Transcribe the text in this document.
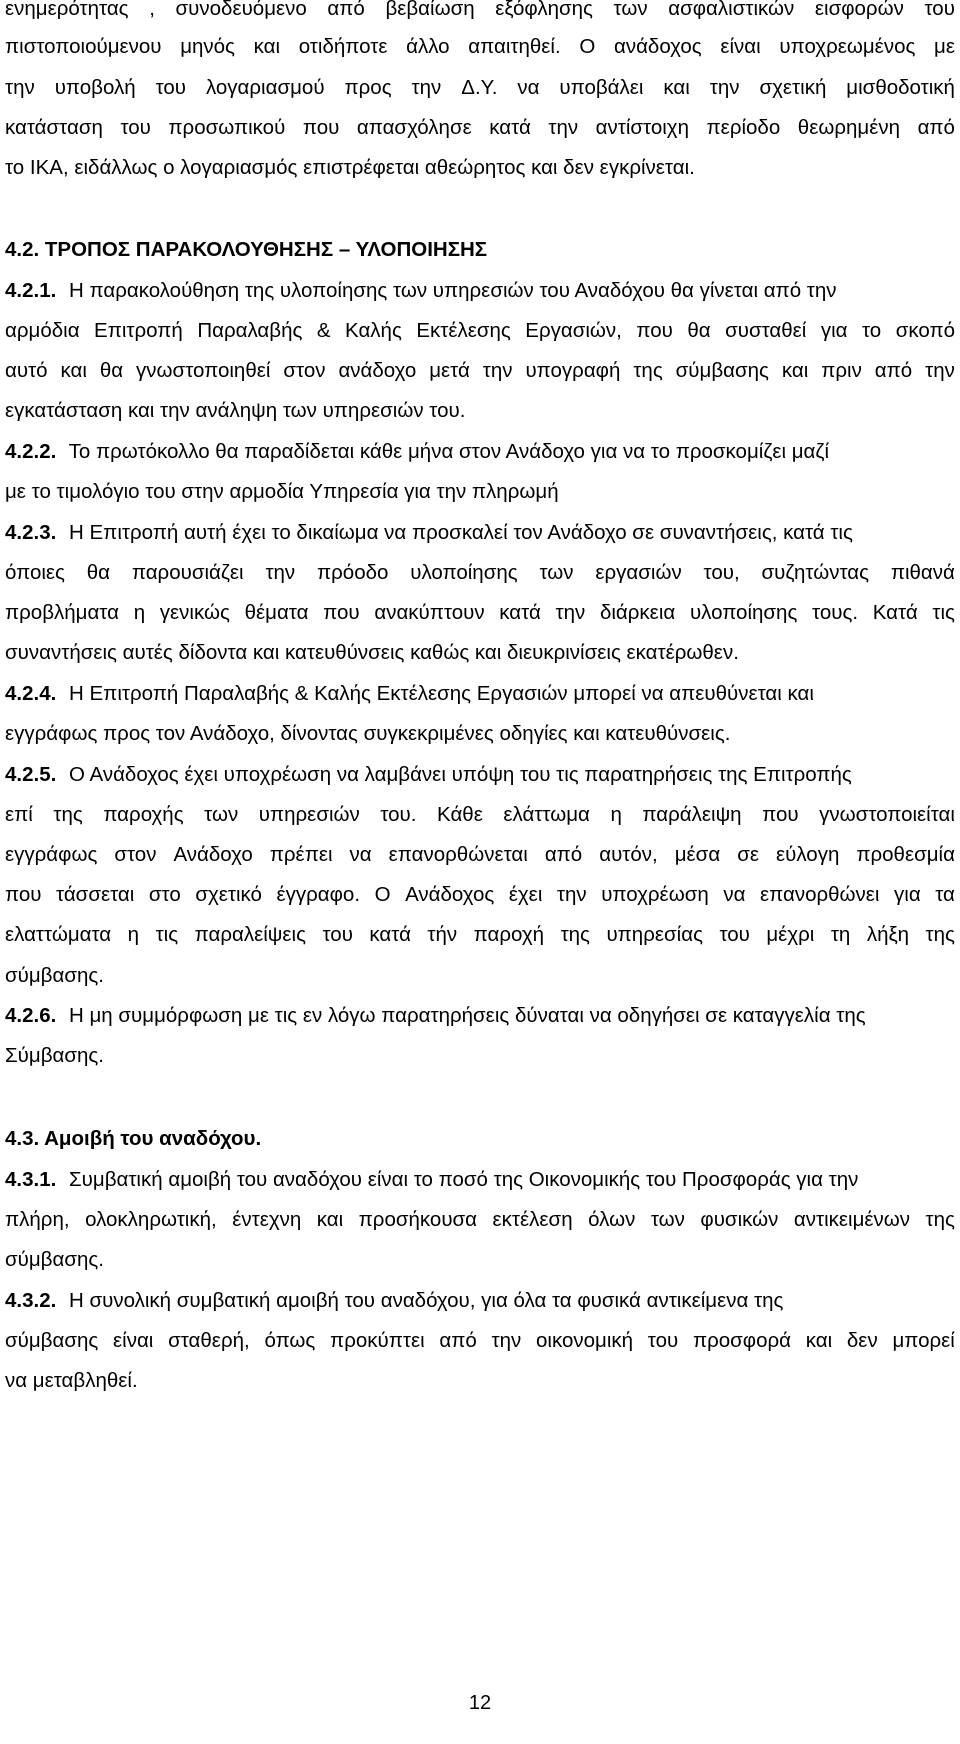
ενημερότητας , συνοδευόμενο από βεβαίωση εξόφλησης των ασφαλιστικών εισφορών του
πιστοποιούμενου μηνός και οτιδήποτε άλλο απαιτηθεί. Ο ανάδοχος είναι υποχρεωμένος με
την υποβολή του λογαριασμού προς την Δ.Υ. να υποβάλει και την σχετική μισθοδοτική
κατάσταση του προσωπικού που απασχόλησε κατά την αντίστοιχη περίοδο θεωρημένη από
το ΙΚΑ, ειδάλλως ο λογαριασμός επιστρέφεται αθεώρητος και δεν εγκρίνεται.
4.2. ΤΡΟΠΟΣ ΠΑΡΑΚΟΛΟΥΘΗΣΗΣ – ΥΛΟΠΟΙΗΣΗΣ
4.2.1. Η παρακολούθηση της υλοποίησης των υπηρεσιών του Αναδόχου θα γίνεται από την
αρμόδια Επιτροπή Παραλαβής & Καλής Εκτέλεσης Εργασιών, που θα συσταθεί για το σκοπό
αυτό και θα γνωστοποιηθεί στον ανάδοχο μετά την υπογραφή της σύμβασης και πριν από την
εγκατάσταση και την ανάληψη των υπηρεσιών του.
4.2.2. Το πρωτόκολλο θα παραδίδεται κάθε μήνα στον Ανάδοχο για να το προσκομίζει μαζί
με το τιμολόγιο του στην αρμοδία Υπηρεσία για την πληρωμή
4.2.3. Η Επιτροπή αυτή έχει το δικαίωμα να προσκαλεί τον Ανάδοχο σε συναντήσεις, κατά τις
όποιες θα παρουσιάζει την πρόοδο υλοποίησης των εργασιών του, συζητώντας πιθανά
προβλήματα η γενικώς θέματα που ανακύπτουν κατά την διάρκεια υλοποίησης τους. Κατά τις
συναντήσεις αυτές δίδοντα και κατευθύνσεις καθώς και διευκρινίσεις εκατέρωθεν.
4.2.4. Η Επιτροπή Παραλαβής & Καλής Εκτέλεσης Εργασιών μπορεί να απευθύνεται και
εγγράφως προς τον Ανάδοχο, δίνοντας συγκεκριμένες οδηγίες και κατευθύνσεις.
4.2.5. Ο Ανάδοχος έχει υποχρέωση να λαμβάνει υπόψη του τις παρατηρήσεις της Επιτροπής
επί της παροχής των υπηρεσιών του. Κάθε ελάττωμα η παράλειψη που γνωστοποιείται
εγγράφως στον Ανάδοχο πρέπει να επανορθώνεται από αυτόν, μέσα σε εύλογη προθεσμία
που τάσσεται στο σχετικό έγγραφο. Ο Ανάδοχος έχει την υποχρέωση να επανορθώνει για τα
ελαττώματα η τις παραλείψεις του κατά τήν παροχή της υπηρεσίας του μέχρι τη λήξη της
σύμβασης.
4.2.6. Η μη συμμόρφωση με τις εν λόγω παρατηρήσεις δύναται να οδηγήσει σε καταγγελία της
Σύμβασης.
4.3. Αμοιβή του αναδόχου.
4.3.1. Συμβατική αμοιβή του αναδόχου είναι το ποσό της Οικονομικής του Προσφοράς για την
πλήρη, ολοκληρωτική, έντεχνη και προσήκουσα εκτέλεση όλων των φυσικών αντικειμένων της
σύμβασης.
4.3.2. Η συνολική συμβατική αμοιβή του αναδόχου, για όλα τα φυσικά αντικείμενα της
σύμβασης είναι σταθερή, όπως προκύπτει από την οικονομική του προσφορά και δεν μπορεί
να μεταβληθεί.
12
